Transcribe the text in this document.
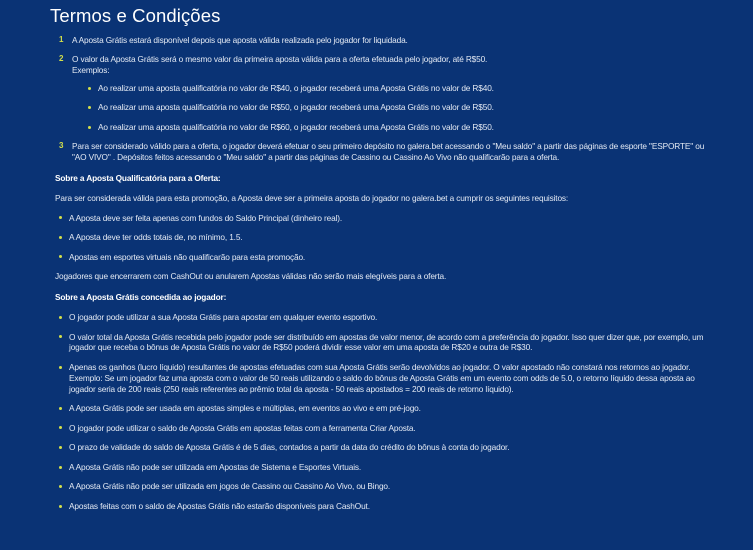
Termos e Condições
1 A Aposta Grátis estará disponível depois que aposta válida realizada pelo jogador for liquidada.
2 O valor da Aposta Grátis será o mesmo valor da primeira aposta válida para a oferta efetuada pelo jogador, até R$50.
Exemplos:
Ao realizar uma aposta qualificatória no valor de R$40, o jogador receberá uma Aposta Grátis no valor de R$40.
Ao realizar uma aposta qualificatória no valor de R$50, o jogador receberá uma Aposta Grátis no valor de R$50.
Ao realizar uma aposta qualificatória no valor de R$60, o jogador receberá uma Aposta Grátis no valor de R$50.
3 Para ser considerado válido para a oferta, o jogador deverá efetuar o seu primeiro depósito no galera.bet acessando o "Meu saldo" a partir das páginas de esporte "ESPORTE" ou "AO VIVO" . Depósitos feitos acessando o "Meu saldo" a partir das páginas de Cassino ou Cassino Ao Vivo não qualificarão para a oferta.
Sobre a Aposta Qualificatória para a Oferta:

Para ser considerada válida para esta promoção, a Aposta deve ser a primeira aposta do jogador no galera.bet a cumprir os seguintes requisitos:

A Aposta deve ser feita apenas com fundos do Saldo Principal (dinheiro real).
A Aposta deve ter odds totais de, no mínimo, 1.5.
Apostas em esportes virtuais não qualificarão para esta promoção.

Jogadores que encerrarem com CashOut ou anularem Apostas válidas não serão mais elegíveis para a oferta.

Sobre a Aposta Grátis concedida ao jogador:
O jogador pode utilizar a sua Aposta Grátis para apostar em qualquer evento esportivo.
O valor total da Aposta Grátis recebida pelo jogador pode ser distribuído em apostas de valor menor, de acordo com a preferência do jogador. Isso quer dizer que, por exemplo, um jogador que receba o bônus de Aposta Grátis no valor de R$50 poderá dividir esse valor em uma aposta de R$20 e outra de R$30.
Apenas os ganhos (lucro líquido) resultantes de apostas efetuadas com sua Aposta Grátis serão devolvidos ao jogador. O valor apostado não constará nos retornos ao jogador.
Exemplo: Se um jogador faz uma aposta com o valor de 50 reais utilizando o saldo do bônus de Aposta Grátis em um evento com odds de 5.0, o retorno líquido dessa aposta ao jogador seria de 200 reais (250 reais referentes ao prêmio total da aposta - 50 reais apostados = 200 reais de retorno líquido).
A Aposta Grátis pode ser usada em apostas simples e múltiplas, em eventos ao vivo e em pré-jogo.
O jogador pode utilizar o saldo de Aposta Grátis em apostas feitas com a ferramenta Criar Aposta.
O prazo de validade do saldo de Aposta Grátis é de 5 dias, contados a partir da data do crédito do bônus à conta do jogador.
A Aposta Grátis não pode ser utilizada em Apostas de Sistema e Esportes Virtuais.
A Aposta Grátis não pode ser utilizada em jogos de Cassino ou Cassino Ao Vivo, ou Bingo.
Apostas feitas com o saldo de Apostas Grátis não estarão disponíveis para CashOut.
